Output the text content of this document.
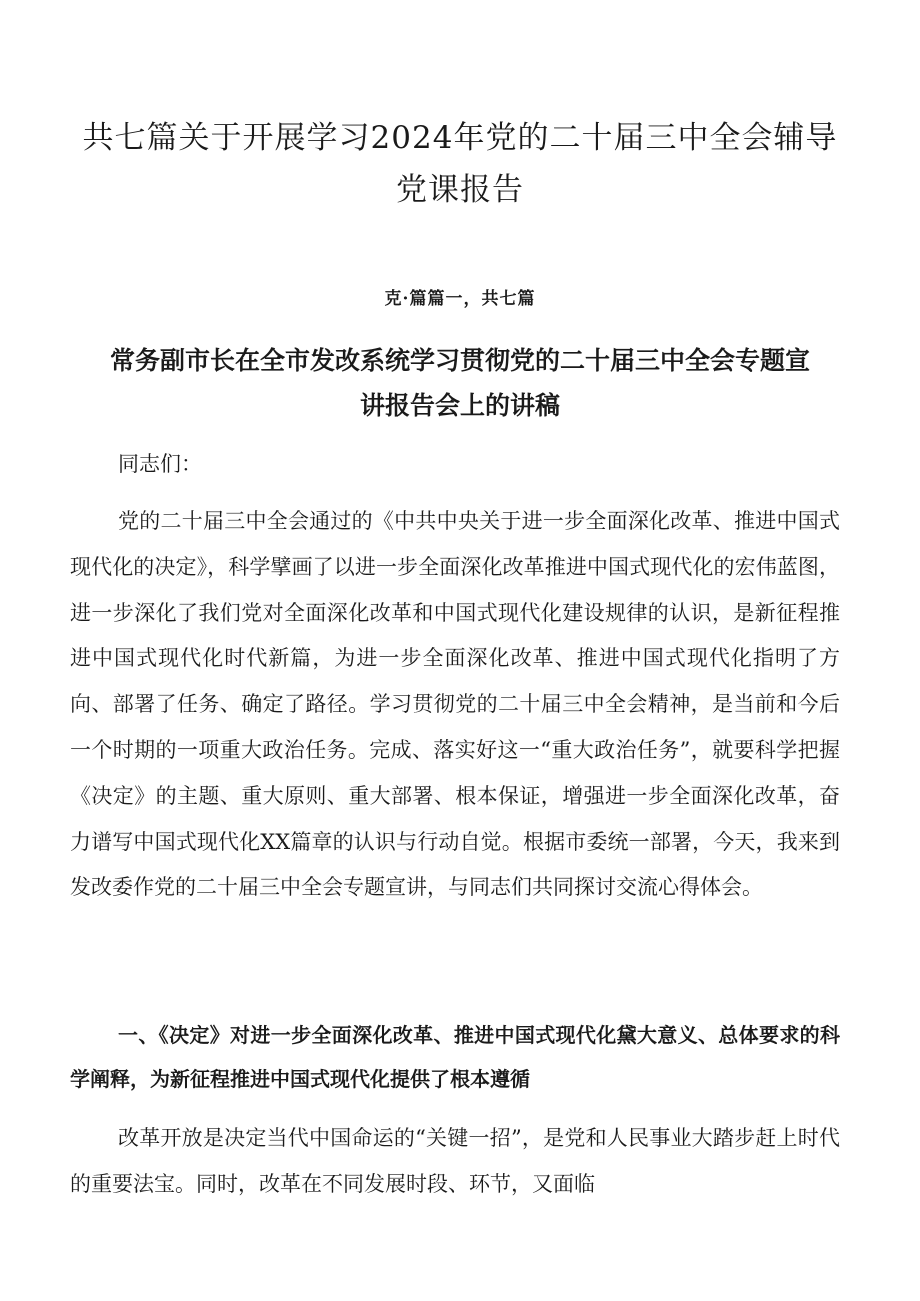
共七篇关于开展学习2024年党的二十届三中全会辅导党课报告
克·篇篇一，共七篇
常务副市长在全市发改系统学习贯彻党的二十届三中全会专题宣讲报告会上的讲稿
同志们：

党的二十届三中全会通过的《中共中央关于进一步全面深化改革、推进中国式现代化的决定》，科学擘画了以进一步全面深化改革推进中国式现代化的宏伟蓝图，进一步深化了我们党对全面深化改革和中国式现代化建设规律的认识，是新征程推进中国式现代化时代新篇，为进一步全面深化改革、推进中国式现代化指明了方向、部署了任务、确定了路径。学习贯彻党的二十届三中全会精神，是当前和今后一个时期的一项重大政治任务。完成、落实好这一“重大政治任务”，就要科学把握《决定》的主题、重大原则、重大部署、根本保证，增强进一步全面深化改革，奋力谱写中国式现代化XX篇章的认识与行动自觉。根据市委统一部署，今天，我来到发改委作党的二十届三中全会专题宣讲，与同志们共同探讨交流心得体会。

一、《决定》对进一步全面深化改革、推进中国式现代化黛大意义、总体要求的科学阐释，为新征程推进中国式现代化提供了根本遵循

改革开放是决定当代中国命运的“关键一招”，是党和人民事业大踏步赶上时代的重要法宝。同时，改革在不同发展时段、环节，又面临
